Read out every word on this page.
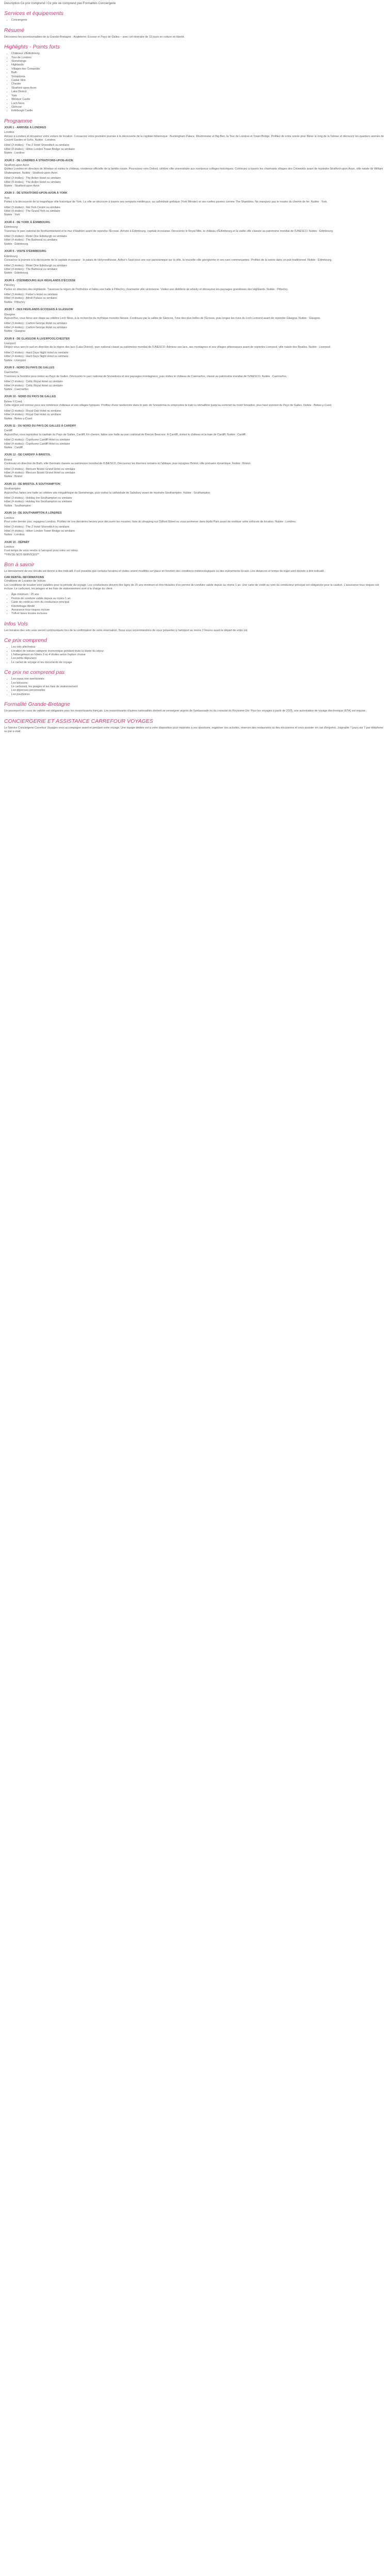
Description Ce prix comprend / Ce prix ne comprend pas Formalités Conciergerie

Services et équipements
• Conciergerie
Résumé

Découvrez les incontournables de la Grande-Bretagne : Angleterre, Écosse et Pays de Galles – avec cet itinéraire de 13 jours en voiture en liberté.

Highlights - Points forts
• Châteaux d'Édimbourg
• Tour de Londres
• Stonehenge
• Highlands
• Villages des Cotswolds
• Bath
• Snowdonia
• Cadair Idris
• Chester
• Stratford-upon-Avon
• Lake District
• York
• Windsor Castle
• Loch Ness
• Glencoe
• Edinburgh Castle
Programme
JOUR 1 - ARRIVÉE À LONDRES
Londres
Arrivez à Londres et récupérez votre voiture de location. Consacrez votre première journée à la découverte de la capitale britannique : Buckingham Palace, Westminster et Big Ben, la Tour de Londres et Tower Bridge. Profitez de votre soirée pour flâner le long de la Tamise et découvrir les quartiers animés de Covent Garden et Soho. Nuitée : Londres.
Hôtel (3 étoiles) : The Z Hotel Shoreditch ou similaire
Hôtel (4 étoiles) : Hilton London Tower Bridge ou similaire
Nuitée : Londres
JOUR 2 - DE LONDRES À STRATFORD-UPON-AVON
Stratford-upon-Avon
Quittez Londres en direction de Windsor et visitez le château, résidence officielle de la famille royale. Poursuivez vers Oxford, célèbre ville universitaire aux nombreux collèges historiques. Continuez à travers les charmants villages des Cotswolds avant de rejoindre Stratford-upon-Avon, ville natale de William Shakespeare. Nuitée : Stratford-upon-Avon.
Hôtel (3 étoiles) : The Arden Hotel ou similaire
Hôtel (4 étoiles) : The Arden Hotel ou similaire
Nuitée : Stratford-upon-Avon
JOUR 3 - DE STRATFORD-UPON-AVON À YORK
York
Partez à la découverte de la magnifique ville historique de York. La ville se découvre à travers ses remparts médiévaux, sa cathédrale gothique (York Minster) et ses ruelles pavées comme The Shambles. Ne manquez pas le musée du chemin de fer. Nuitée : York.
Hôtel (3 étoiles) : Ibis York Centre ou similaire
Hôtel (4 étoiles) : The Grand York ou similaire
Nuitée : York
JOUR 4 - DE YORK À ÉDIMBOURG
Édimbourg
Traversez le parc national de Northumberland et le mur d'Hadrien avant de rejoindre l'Écosse. Arrivée à Édimbourg, capitale écossaise. Découvrez le Royal Mile, le château d'Édimbourg et la vieille ville classée au patrimoine mondial de l'UNESCO. Nuitée : Édimbourg.
Hôtel (3 étoiles) : Motel One Edinburgh ou similaire
Hôtel (4 étoiles) : The Balmoral ou similaire
Nuitée : Édimbourg
JOUR 5 - VISITE D'ÉDIMBOURG
Édimbourg
Consacrez la journée à la découverte de la capitale écossaise : le palais de Holyroodhouse, Arthur's Seat pour une vue panoramique sur la ville, la nouvelle ville géorgienne et ses rues commerçantes. Profitez de la soirée dans un pub traditionnel. Nuitée : Édimbourg.
Hôtel (3 étoiles) : Motel One Edinburgh ou similaire
Hôtel (4 étoiles) : The Balmoral ou similaire
Nuitée : Édimbourg
JOUR 6 - D'ÉDIMBOURG AUX HIGHLANDS D'ÉCOSSE
Pitlochry
Partez en direction des Highlands. Traversez la région de Perthshire et faites une halte à Pitlochry, charmante ville victorienne. Visitez une distillerie de whisky et découvrez les paysages grandioses des Highlands. Nuitée : Pitlochry.
Hôtel (3 étoiles) : Fisher's Hotel ou similaire
Hôtel (4 étoiles) : Atholl Palace ou similaire
Nuitée : Pitlochry
JOUR 7 - DES HIGHLANDS ÉCOSSAIS À GLASGOW
Glasgow
Aujourd'hui, vous ferez une étape au célèbre Loch Ness, à la recherche du mythique monstre Nessie. Continuez par la vallée de Glencoe, l'une des plus belles de l'Écosse, puis longez les rives du Loch Lomond avant de rejoindre Glasgow. Nuitée : Glasgow.
Hôtel (3 étoiles) : Carlton George Hotel ou similaire
Hôtel (4 étoiles) : Carlton George Hotel ou similaire
Nuitée : Glasgow
JOUR 8 - DE GLASGOW À LIVERPOOL/CHESTER
Liverpool
Dirigez-vous vers le sud en direction de la région des lacs (Lake District), parc national classé au patrimoine mondial de l'UNESCO. Admirez ses lacs, ses montagnes et ses villages pittoresques avant de rejoindre Liverpool, ville natale des Beatles. Nuitée : Liverpool.
Hôtel (3 étoiles) : Hard Days Night Hotel ou similaire
Hôtel (4 étoiles) : Hard Days Night Hotel ou similaire
Nuitée : Liverpool
JOUR 9 - NORD DU PAYS DE GALLES
Caernarfon
Traversez la frontière pour entrer au Pays de Galles. Découvrez le parc national de Snowdonia et ses paysages montagneux, puis visitez le château de Caernarfon, classé au patrimoine mondial de l'UNESCO. Nuitée : Caernarfon.
Hôtel (3 étoiles) : Celtic Royal Hotel ou similaire
Hôtel (4 étoiles) : Celtic Royal Hotel ou similaire
Nuitée : Caernarfon
JOUR 10 - NORD DU PAYS DE GALLES
Betws-Y-Coed
Cette région est connue pour ses nombreux châteaux et ses villages typiques. Profitez d'une randonnée dans le parc de Snowdonia ou empruntez le train à crémaillère jusqu'au sommet du mont Snowdon, plus haut sommet du Pays de Galles. Nuitée : Betws-y-Coed.
Hôtel (3 étoiles) : Royal Oak Hotel ou similaire
Hôtel (4 étoiles) : Royal Oak Hotel ou similaire
Nuitée : Betws-y-Coed
JOUR 11 - DU NORD DU PAYS DE GALLES À CARDIFF
Cardiff
Aujourd'hui, vous rejoindrez la capitale du Pays de Galles, Cardiff. En chemin, faites une halte au parc national de Brecon Beacons. À Cardiff, visitez le château et la baie de Cardiff. Nuitée : Cardiff.
Hôtel (3 étoiles) : Copthorne Cardiff Hotel ou similaire
Hôtel (4 étoiles) : Copthorne Cardiff Hotel ou similaire
Nuitée : Cardiff
JOUR 12 - DE CARDIFF À BRISTOL
Bristol
Continuez en direction de Bath, ville thermale classée au patrimoine mondial de l'UNESCO. Découvrez les thermes romains et l'abbaye, puis rejoignez Bristol, ville portuaire dynamique. Nuitée : Bristol.
Hôtel (3 étoiles) : Mercure Bristol Grand Hotel ou similaire
Hôtel (4 étoiles) : Mercure Bristol Grand Hotel ou similaire
Nuitée : Bristol
JOUR 13 - DE BRISTOL À SOUTHAMPTON
Southampton
Aujourd'hui, faites une halte au célèbre site mégalithique de Stonehenge, puis visitez la cathédrale de Salisbury avant de rejoindre Southampton. Nuitée : Southampton.
Hôtel (3 étoiles) : Holiday Inn Southampton ou similaire
Hôtel (4 étoiles) : Holiday Inn Southampton ou similaire
Nuitée : Southampton
JOUR 14 - DE SOUTHAMPTON À LONDRES
Londres
Pour votre dernier jour, regagnez Londres. Profitez de vos dernières heures pour découvrir les musées, faire du shopping sur Oxford Street ou vous promener dans Hyde Park avant de restituer votre véhicule de location. Nuitée : Londres.
Hôtel (3 étoiles) : The Z Hotel Shoreditch ou similaire
Hôtel (4 étoiles) : Hilton London Tower Bridge ou similaire
Nuitée : Londres
JOUR 15 - DÉPART
Londres
Il est temps de vous rendre à l'aéroport pour votre vol retour.
**FIN DE NOS SERVICES**
Bon à savoir

Le déroulement de vos circuits est donné à titre indicatif. Il est possible que certains horaires et visites soient modifiés sur place en fonction des conditions météorologiques ou des événements locaux. Les distances et temps de trajet sont donnés à titre indicatif.

CAR RENTAL INFORMATIONS
Conditions de Location de Voiture

Les conditions de location sont valables pour la période du voyage. Les conducteurs doivent être âgés de 25 ans minimum et être titulaires d'un permis de conduire valide depuis au moins 1 an. Une carte de crédit au nom du conducteur principal est obligatoire pour la caution. L'assurance tous risques est incluse. Le carburant, les péages et les frais de stationnement sont à la charge du client.

• Âge minimum : 25 ans
• Permis de conduire valide depuis au moins 1 an
• Carte de crédit au nom du conducteur principal
• Kilométrage illimité
• Assurance tous risques incluse
• TVA et taxes locales incluses
Infos Vols

Les horaires des vols vous seront communiqués lors de la confirmation de votre réservation. Nous vous recommandons de vous présenter à l'aéroport au moins 2 heures avant le départ de votre vol.

Ce prix comprend
• Les vols aller/retour
• Location de voiture catégorie économique pendant toute la durée du séjour
• L'hébergement en hôtels 3 ou 4 étoiles selon l'option choisie
• Les petits-déjeuners
• Le carnet de voyage et les documents de voyage
Ce prix ne comprend pas
• Les repas non mentionnés
• Les boissons
• Le carburant, les péages et les frais de stationnement
• Les dépenses personnelles
• Les pourboires
Formalité Grande-Bretagne

Un passeport en cours de validité est obligatoire pour les ressortissants français. Les ressortissants d'autres nationalités doivent se renseigner auprès de l'ambassade ou du consulat du Royaume-Uni. Pour les voyages à partir de 2025, une autorisation de voyage électronique (ETA) est requise.

CONCIERGERIE ET ASSISTANCE CARREFOUR VOYAGES

Le Service Conciergerie Carrefour Voyages vous accompagne avant et pendant votre voyage. Une équipe dédiée est à votre disposition pour répondre à vos questions, organiser vos activités, réserver des restaurants ou des excursions et vous assister en cas d'imprévu. Joignable 7 jours sur 7 par téléphone ou par e-mail.
